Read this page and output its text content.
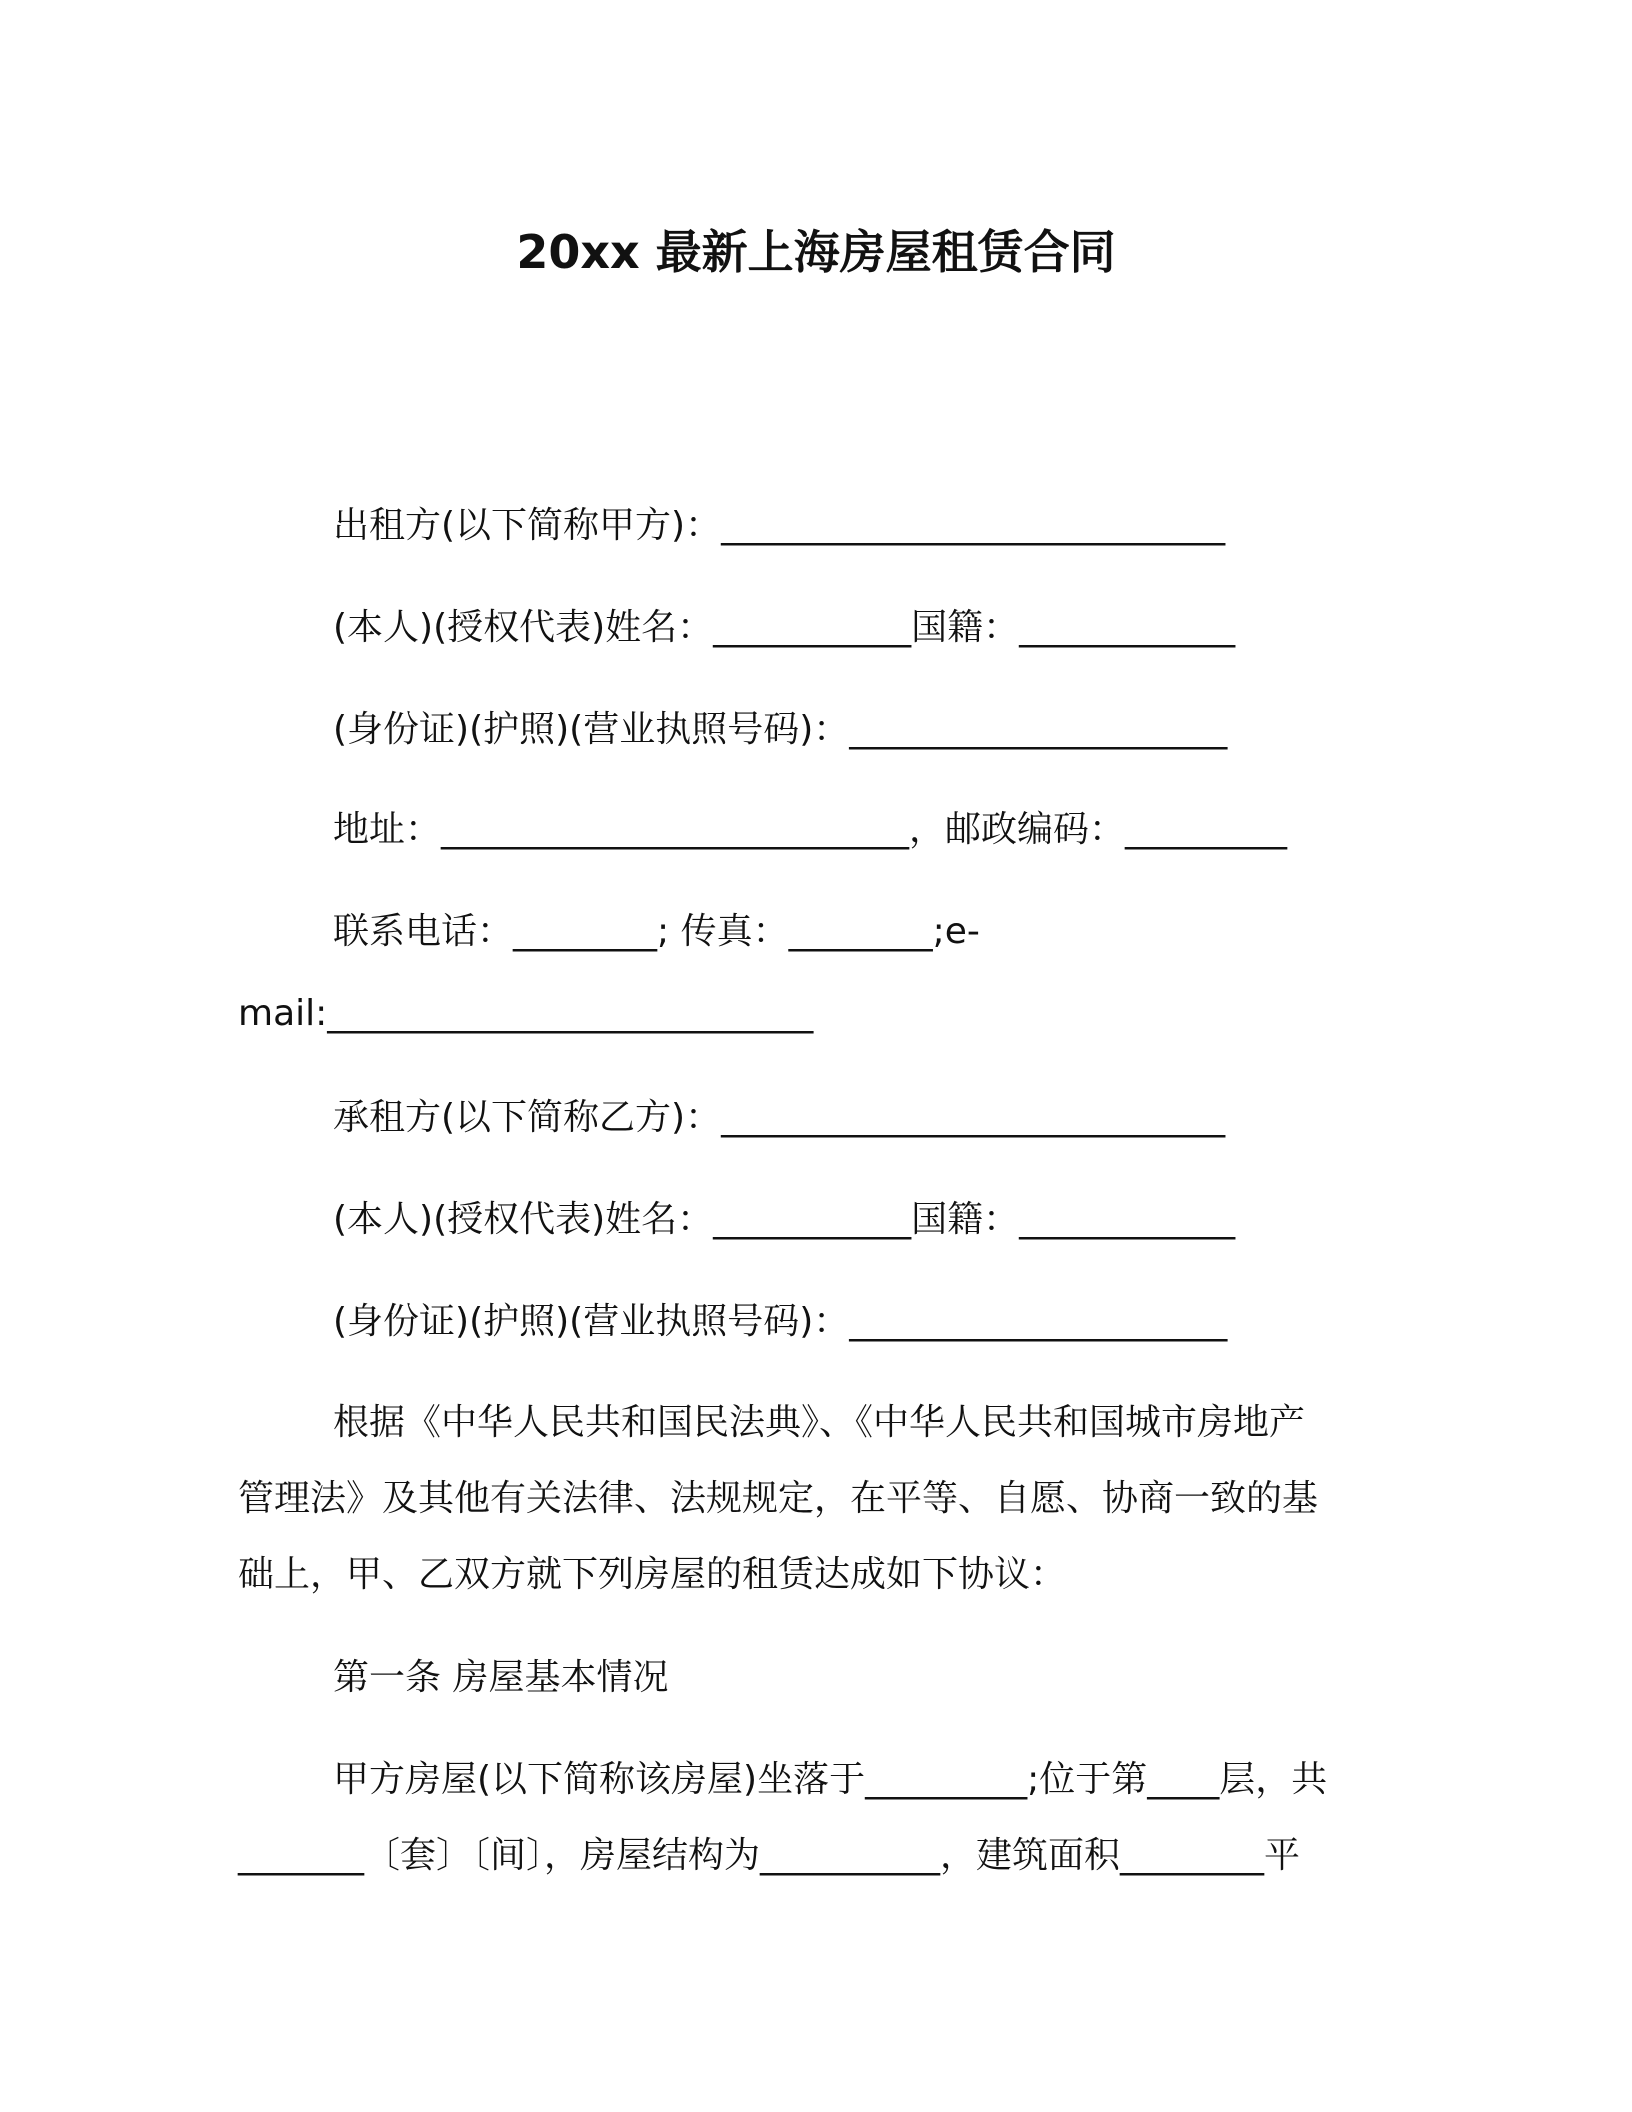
20xx 最新上海房屋租赁合同
出租方(以下简称甲方)：____________________________
(本人)(授权代表)姓名：___________国籍：____________
(身份证)(护照)(营业执照号码)：_____________________
地址：__________________________，邮政编码：_________
联系电话：________; 传真：________;e-
mail:___________________________
承租方(以下简称乙方)：____________________________
(本人)(授权代表)姓名：___________国籍：____________
(身份证)(护照)(营业执照号码)：_____________________
根据《中华人民共和国民法典》、《中华人民共和国城市房地产
管理法》及其他有关法律、法规规定，在平等、自愿、协商一致的基
础上，甲、乙双方就下列房屋的租赁达成如下协议：
第一条 房屋基本情况
甲方房屋(以下简称该房屋)坐落于_________;位于第____层，共
_______〔套〕〔间〕，房屋结构为__________，建筑面积________平
